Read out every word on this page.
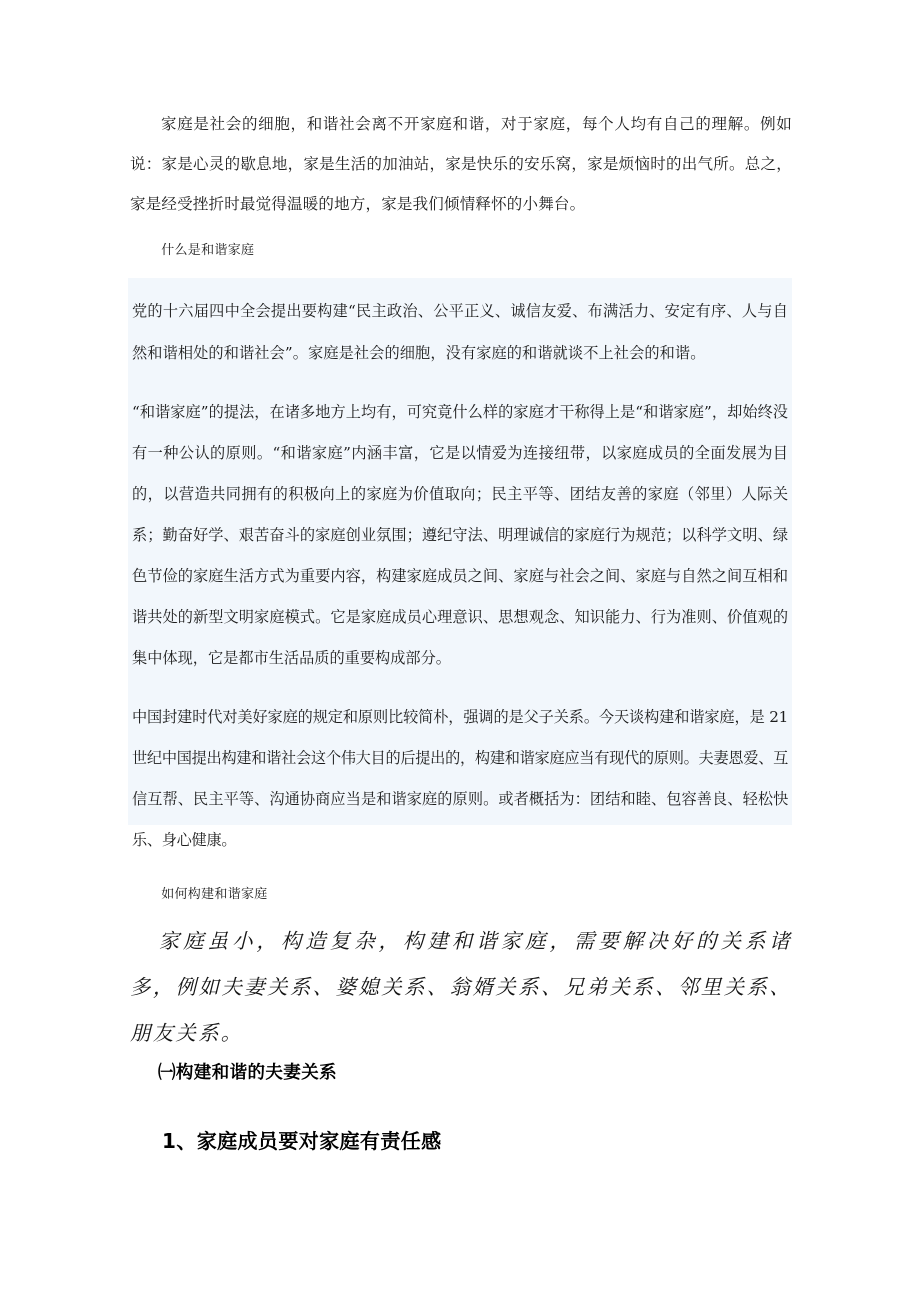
家庭是社会的细胞，和谐社会离不开家庭和谐，对于家庭，每个人均有自己的理解。例如说：家是心灵的歇息地，家是生活的加油站，家是快乐的安乐窝，家是烦恼时的出气所。总之，家是经受挫折时最觉得温暖的地方，家是我们倾情释怀的小舞台。

什么是和谐家庭

党的十六届四中全会提出要构建“民主政治、公平正义、诚信友爱、布满活力、安定有序、人与自然和谐相处的和谐社会”。家庭是社会的细胞，没有家庭的和谐就谈不上社会的和谐。

“和谐家庭”的提法，在诸多地方上均有，可究竟什么样的家庭才干称得上是“和谐家庭”，却始终没有一种公认的原则。“和谐家庭”内涵丰富，它是以情爱为连接纽带，以家庭成员的全面发展为目的，以营造共同拥有的积极向上的家庭为价值取向；民主平等、团结友善的家庭（邻里）人际关系；勤奋好学、艰苦奋斗的家庭创业氛围；遵纪守法、明理诚信的家庭行为规范；以科学文明、绿色节俭的家庭生活方式为重要内容，构建家庭成员之间、家庭与社会之间、家庭与自然之间互相和谐共处的新型文明家庭模式。它是家庭成员心理意识、思想观念、知识能力、行为准则、价值观的集中体现，它是都市生活品质的重要构成部分。

中国封建时代对美好家庭的规定和原则比较简朴，强调的是父子关系。今天谈构建和谐家庭，是 21 世纪中国提出构建和谐社会这个伟大目的后提出的，构建和谐家庭应当有现代的原则。夫妻恩爱、互信互帮、民主平等、沟通协商应当是和谐家庭的原则。或者概括为：团结和睦、包容善良、轻松快乐、身心健康。

如何构建和谐家庭

家庭虽小，构造复杂，构建和谐家庭，需要解决好的关系诸多，例如夫妻关系、婆媳关系、翁婿关系、兄弟关系、邻里关系、朋友关系。

㈠构建和谐的夫妻关系
1、家庭成员要对家庭有责任感
